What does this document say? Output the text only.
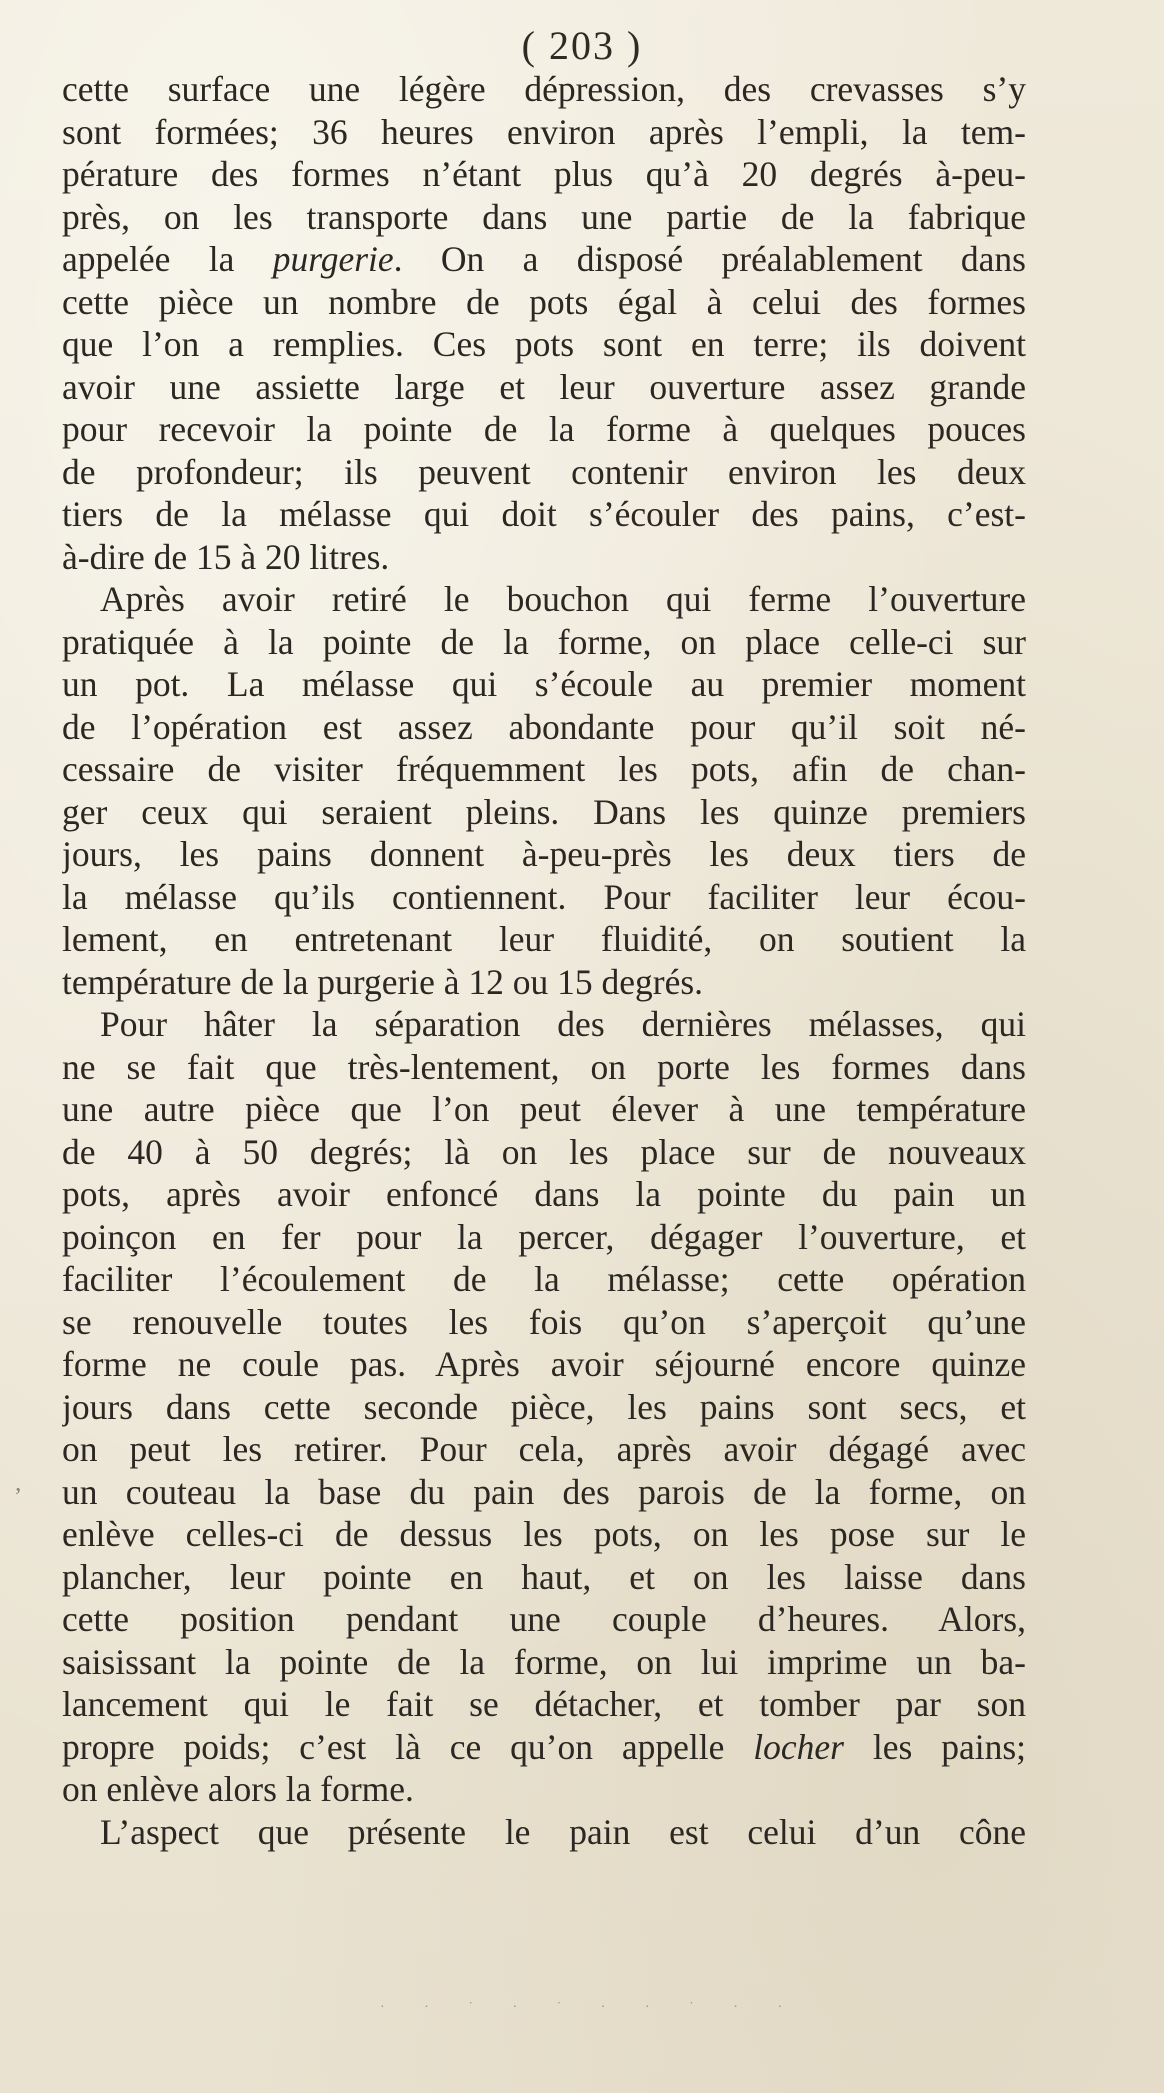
( 203 )
’
cette surface une légère dépression, des crevasses s’y
sont formées; 36 heures environ après l’empli, la tem-
pérature des formes n’étant plus qu’à 20 degrés à-peu-
près, on les transporte dans une partie de la fabrique
appelée la purgerie. On a disposé préalablement dans
cette pièce un nombre de pots égal à celui des formes
que l’on a remplies. Ces pots sont en terre; ils doivent
avoir une assiette large et leur ouverture assez grande
pour recevoir la pointe de la forme à quelques pouces
de profondeur; ils peuvent contenir environ les deux
tiers de la mélasse qui doit s’écouler des pains, c’est-
à-dire de 15 à 20 litres.
Après avoir retiré le bouchon qui ferme l’ouverture
pratiquée à la pointe de la forme, on place celle-ci sur
un pot. La mélasse qui s’écoule au premier moment
de l’opération est assez abondante pour qu’il soit né-
cessaire de visiter fréquemment les pots, afin de chan-
ger ceux qui seraient pleins. Dans les quinze premiers
jours, les pains donnent à-peu-près les deux tiers de
la mélasse qu’ils contiennent. Pour faciliter leur écou-
lement, en entretenant leur fluidité, on soutient la
température de la purgerie à 12 ou 15 degrés.
Pour hâter la séparation des dernières mélasses, qui
ne se fait que très-lentement, on porte les formes dans
une autre pièce que l’on peut élever à une température
de 40 à 50 degrés; là on les place sur de nouveaux
pots, après avoir enfoncé dans la pointe du pain un
poinçon en fer pour la percer, dégager l’ouverture, et
faciliter l’écoulement de la mélasse; cette opération
se renouvelle toutes les fois qu’on s’aperçoit qu’une
forme ne coule pas. Après avoir séjourné encore quinze
jours dans cette seconde pièce, les pains sont secs, et
on peut les retirer. Pour cela, après avoir dégagé avec
un couteau la base du pain des parois de la forme, on
enlève celles-ci de dessus les pots, on les pose sur le
plancher, leur pointe en haut, et on les laisse dans
cette position pendant une couple d’heures. Alors,
saisissant la pointe de la forme, on lui imprime un ba-
lancement qui le fait se détacher, et tomber par son
propre poids; c’est là ce qu’on appelle locher les pains;
on enlève alors la forme.
L’aspect que présente le pain est celui d’un cône
· · ˙ · ˙ · · ˙ · ·
